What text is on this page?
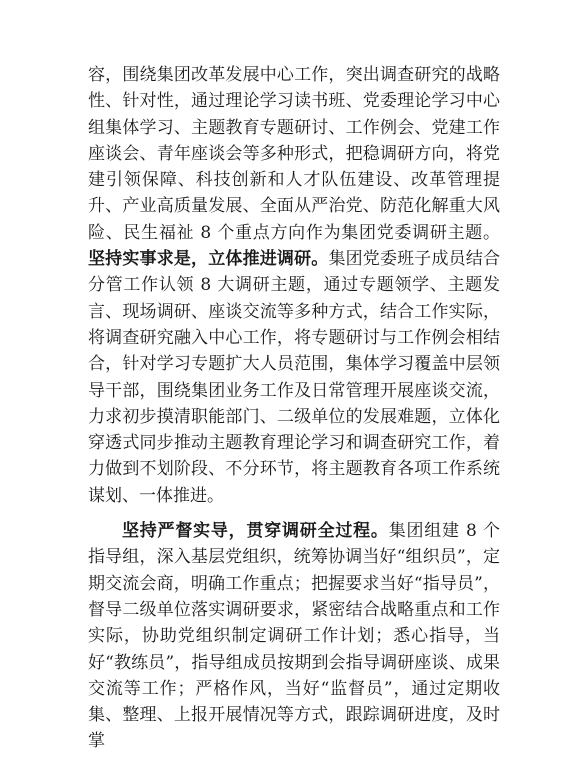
容，围绕集团改革发展中心工作，突出调查研究的战略性、针对性，通过理论学习读书班、党委理论学习中心组集体学习、主题教育专题研讨、工作例会、党建工作座谈会、青年座谈会等多种形式，把稳调研方向，将党建引领保障、科技创新和人才队伍建设、改革管理提升、产业高质量发展、全面从严治党、防范化解重大风险、民生福祉 8 个重点方向作为集团党委调研主题。坚持实事求是，立体推进调研。集团党委班子成员结合分管工作认领 8 大调研主题，通过专题领学、主题发言、现场调研、座谈交流等多种方式，结合工作实际，将调查研究融入中心工作，将专题研讨与工作例会相结合，针对学习专题扩大人员范围，集体学习覆盖中层领导干部，围绕集团业务工作及日常管理开展座谈交流，力求初步摸清职能部门、二级单位的发展难题，立体化穿透式同步推动主题教育理论学习和调查研究工作，着力做到不划阶段、不分环节，将主题教育各项工作系统谋划、一体推进。

坚持严督实导，贯穿调研全过程。集团组建 8 个指导组，深入基层党组织，统筹协调当好“组织员”，定期交流会商，明确工作重点；把握要求当好“指导员”，督导二级单位落实调研要求，紧密结合战略重点和工作实际，协助党组织制定调研工作计划；悉心指导，当好“教练员”，指导组成员按期到会指导调研座谈、成果交流等工作；严格作风，当好“监督员”，通过定期收集、整理、上报开展情况等方式，跟踪调研进度，及时掌
